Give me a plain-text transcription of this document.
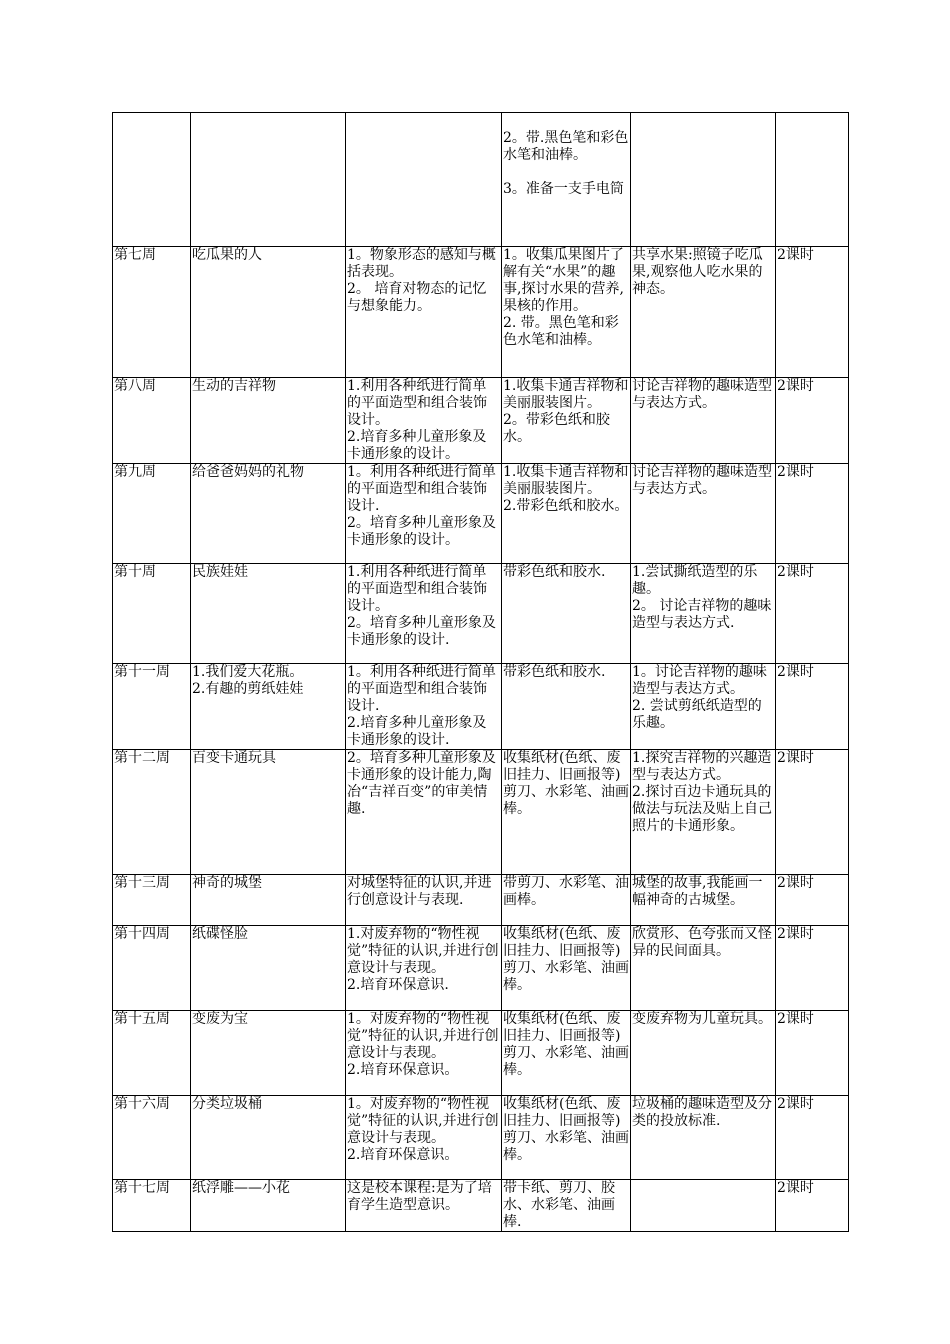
			2。带.黑色笔和彩色水笔和油棒。
3。准备一支手电筒		

第七周	吃瓜果的人	1。物象形态的感知与概括表现。
2。 培育对物态的记忆与想象能力。	1。收集瓜果图片了解有关“水果”的趣事,探讨水果的营养,果核的作用。
2. 带。黑色笔和彩色水笔和油棒。	共享水果:照镜子吃瓜果,观察他人吃水果的神态。	2课时

第八周	生动的吉祥物	1.利用各种纸进行简单的平面造型和组合装饰设计。
2.培育多种儿童形象及卡通形象的设计。	1.收集卡通吉祥物和美丽服装图片。
2。带彩色纸和胶水。	讨论吉祥物的趣味造型与表达方式。	2课时

第九周	给爸爸妈妈的礼物	1。利用各种纸进行简单的平面造型和组合装饰设计.
2。培育多种儿童形象及卡通形象的设计。	1.收集卡通吉祥物和美丽服装图片。
2.带彩色纸和胶水。	讨论吉祥物的趣味造型与表达方式。	2课时

第十周	民族娃娃	1.利用各种纸进行简单的平面造型和组合装饰设计。
2。培育多种儿童形象及卡通形象的设计.	带彩色纸和胶水.	1.尝试撕纸造型的乐趣。
2。 讨论吉祥物的趣味造型与表达方式.	2课时

第十一周	1.我们爱大花瓶。
2.有趣的剪纸娃娃	1。利用各种纸进行简单的平面造型和组合装饰设计.
2.培育多种儿童形象及卡通形象的设计.	带彩色纸和胶水.	1。讨论吉祥物的趣味造型与表达方式。
2. 尝试剪纸纸造型的乐趣。	2课时

第十二周	百变卡通玩具	2。培育多种儿童形象及卡通形象的设计能力,陶冶“吉祥百变”的审美情趣.	收集纸材(色纸、废旧挂力、旧画报等)剪刀、水彩笔、油画棒。	1.探究吉祥物的兴趣造型与表达方式。
2.探讨百边卡通玩具的做法与玩法及贴上自己照片的卡通形象。	2课时

第十三周	神奇的城堡	对城堡特征的认识,并进行创意设计与表现.	带剪刀、水彩笔、油画棒。	城堡的故事,我能画一幅神奇的古城堡。	2课时

第十四周	纸碟怪脸	1.对废弃物的“物性视觉”特征的认识,并进行创意设计与表现。
2.培育环保意识.	收集纸材(色纸、废旧挂力、旧画报等)剪刀、水彩笔、油画棒。	欣赏形、色夸张而又怪异的民间面具。	2课时

第十五周	变废为宝	1。对废弃物的“物性视觉”特征的认识,并进行创意设计与表现。
2.培育环保意识。	收集纸材(色纸、废旧挂力、旧画报等)剪刀、水彩笔、油画棒。	变废弃物为儿童玩具。	2课时

第十六周	分类垃圾桶	1。对废弃物的“物性视觉”特征的认识,并进行创意设计与表现。
2.培育环保意识。	收集纸材(色纸、废旧挂力、旧画报等)剪刀、水彩笔、油画棒。	垃圾桶的趣味造型及分类的投放标准.	2课时

第十七周	纸浮雕——小花	这是校本课程:是为了培育学生造型意识。	带卡纸、剪刀、胶水、水彩笔、油画棒.		2课时
